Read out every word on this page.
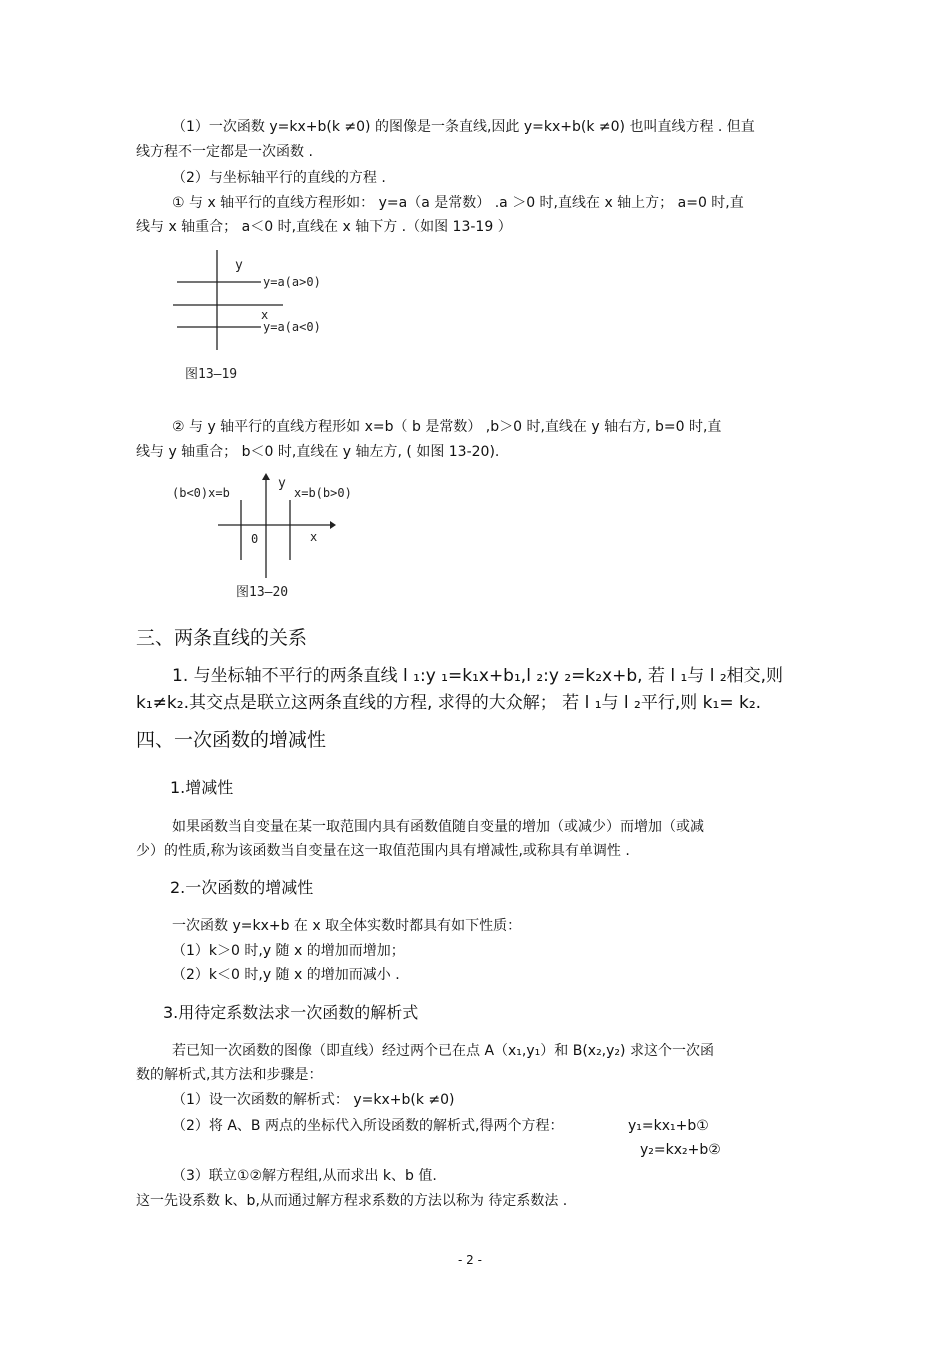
（1）一次函数 y=kx+b(k ≠0) 的图像是一条直线,因此 y=kx+b(k ≠0) 也叫直线方程 . 但直
线方程不一定都是一次函数 .
（2）与坐标轴平行的直线的方程 .
① 与 x 轴平行的直线方程形如： y=a（a 是常数） .a ＞0 时,直线在 x 轴上方； a=0 时,直
线与 x 轴重合； a＜0 时,直线在 x 轴下方 .（如图 13-19 ）
y
x
y=a(a>0)
y=a(a<0)
图13—19
② 与 y 轴平行的直线方程形如 x=b（ b 是常数） ,b＞0 时,直线在 y 轴右方, b=0 时,直
线与 y 轴重合； b＜0 时,直线在 y 轴左方, ( 如图 13-20).
(b<0)x=b
y
x=b(b>0)
x
0
图13—20
三、两条直线的关系
1. 与坐标轴不平行的两条直线 l ₁:y ₁=k₁x+b₁,l ₂:y ₂=k₂x+b, 若 l ₁与 l ₂相交,则
k₁≠k₂.其交点是联立这两条直线的方程, 求得的大众解； 若 l ₁与 l ₂平行,则 k₁= k₂.
四、一次函数的增减性
1.增减性
如果函数当自变量在某一取范围内具有函数值随自变量的增加（或减少）而增加（或减
少）的性质,称为该函数当自变量在这一取值范围内具有增减性,或称具有单调性 .
2.一次函数的增减性
一次函数 y=kx+b 在 x 取全体实数时都具有如下性质：
（1）k＞0 时,y 随 x 的增加而增加；
（2）k＜0 时,y 随 x 的增加而减小 .
3.用待定系数法求一次函数的解析式
若已知一次函数的图像（即直线）经过两个已在点 A（x₁,y₁）和 B(x₂,y₂) 求这个一次函
数的解析式,其方法和步骤是：
（1）设一次函数的解析式： y=kx+b(k ≠0)
（2）将 A、B 两点的坐标代入所设函数的解析式,得两个方程：	y₁=kx₁+b①
y₂=kx₂+b②
（3）联立①②解方程组,从而求出 k、b 值.
这一先设系数 k、b,从而通过解方程求系数的方法以称为 待定系数法 .
- 2 -
